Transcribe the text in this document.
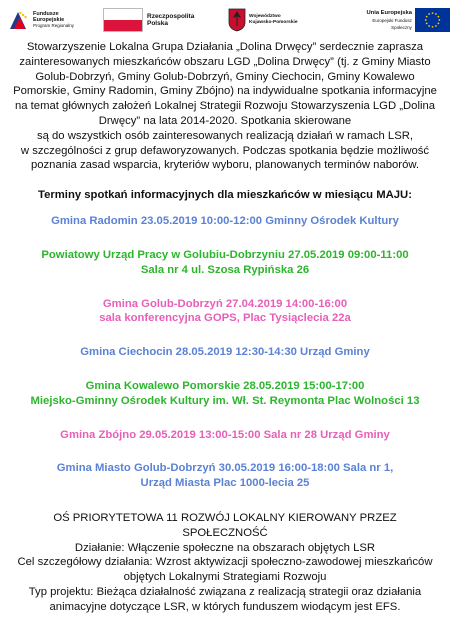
Fundusze
Europejskie
Program Regionalny
Rzeczpospolita
Polska
Województwo
Kujawsko-Pomorskie
Unia Europejska
Europejski Fundusz Społeczny

Stowarzyszenie Lokalna Grupa Działania „Dolina Drwęcy” serdecznie zaprasza

zainteresowanych mieszkańców obszaru LGD „Dolina Drwęcy” (tj. z Gminy Miasto

Golub-Dobrzyń, Gminy Golub-Dobrzyń, Gminy Ciechocin, Gminy Kowalewo

Pomorskie, Gminy Radomin, Gminy Zbójno) na indywidualne spotkania informacyjne

na temat głównych założeń Lokalnej Strategii Rozwoju Stowarzyszenia LGD „Dolina

Drwęcy” na lata 2014-2020. Spotkania skierowane

są do wszystkich osób zainteresowanych realizacją działań w ramach LSR,

w szczególności z grup defaworyzowanych. Podczas spotkania będzie możliwość

poznania zasad wsparcia, kryteriów wyboru, planowanych terminów naborów.

Terminy spotkań informacyjnych dla mieszkańców w miesiącu MAJU:

Gmina Radomin 23.05.2019 10:00-12:00 Gminny Ośrodek Kultury

Powiatowy Urząd Pracy w Golubiu-Dobrzyniu 27.05.2019 09:00-11:00

Sala nr 4 ul. Szosa Rypińska 26

Gmina Golub-Dobrzyń 27.04.2019 14:00-16:00

sala konferencyjna GOPS, Plac Tysiąclecia 22a

Gmina Ciechocin 28.05.2019 12:30-14:30 Urząd Gminy

Gmina Kowalewo Pomorskie 28.05.2019 15:00-17:00

Miejsko-Gminny Ośrodek Kultury im. Wł. St. Reymonta Plac Wolności 13

Gmina Zbójno 29.05.2019 13:00-15:00 Sala nr 28 Urząd Gminy

Gmina Miasto Golub-Dobrzyń 30.05.2019 16:00-18:00 Sala nr 1,

Urząd Miasta Plac 1000-lecia 25

OŚ PRIORYTETOWA 11 ROZWÓJ LOKALNY KIEROWANY PRZEZ

SPOŁECZNOŚĆ

Działanie: Włączenie społeczne na obszarach objętych LSR

Cel szczegółowy działania: Wzrost aktywizacji społeczno-zawodowej mieszkańców

objętych Lokalnymi Strategiami Rozwoju

Typ projektu: Bieżąca działalność związana z realizacją strategii oraz działania

animacyjne dotyczące LSR, w których funduszem wiodącym jest EFS.
